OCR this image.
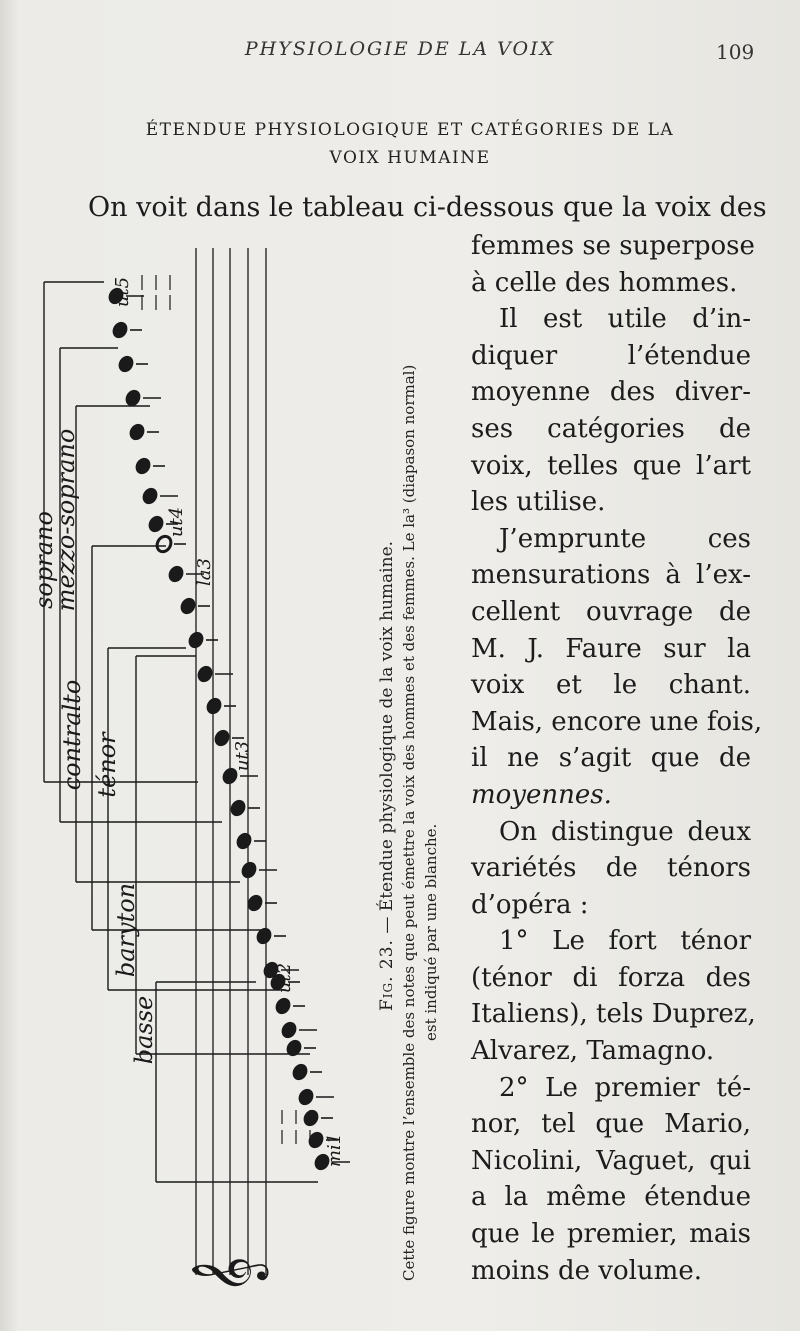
PHYSIOLOGIE DE LA VOIX	109
ÉTENDUE PHYSIOLOGIQUE ET CATÉGORIES DE LA
VOIX HUMAINE
On voit dans le tableau ci-dessous que la voix des
femmes se superpose
à celle des hommes.
Il est utile d’in-
diquer l’étendue
moyenne des diver-
ses catégories de
voix, telles que l’art
les utilise.
J’emprunte ces
mensurations à l’ex-
cellent ouvrage de
M. J. Faure sur la
voix et le chant.
Mais, encore une fois,
il ne s’agit que de
moyennes.
On distingue deux
variétés de ténors
d’opéra :
1° Le fort ténor
(ténor di forza des
Italiens), tels Duprez,
Alvarez, Tamagno.
2° Le premier té-
nor, tel que Mario,
Nicolini, Vaguet, qui
a la même étendue
que le premier, mais
moins de volume.
soprano
mezzo-soprano
contralto ténor
baryton
basse
ut5
ut4
la3
ut3
ut2
mi1
𝄞
Fig. 23. — Étendue physiologique de la voix humaine. Cette figure montre l’ensemble des notes que peut émettre la voix des hommes et des femmes. Le la³ (diapason normal) est indiqué par une blanche.
